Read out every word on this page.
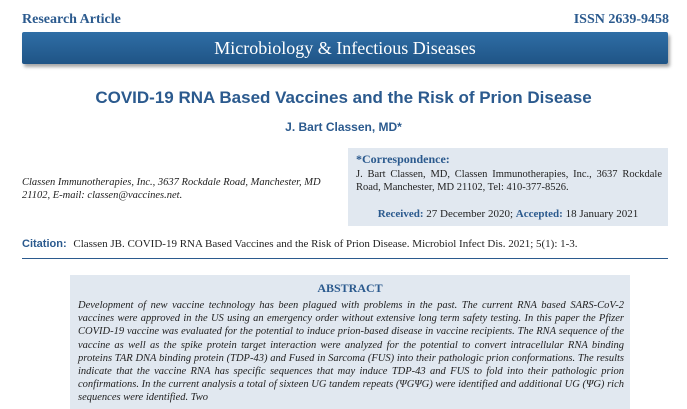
Research Article	ISSN 2639-9458
Microbiology & Infectious Diseases
COVID-19 RNA Based Vaccines and the Risk of Prion Disease
J. Bart Classen, MD*
Classen Immunotherapies, Inc., 3637 Rockdale Road, Manchester, MD 21102, E-mail: classen@vaccines.net.
*Correspondence:
J. Bart Classen, MD, Classen Immunotherapies, Inc., 3637 Rockdale Road, Manchester, MD 21102, Tel: 410-377-8526.
Received: 27 December 2020; Accepted: 18 January 2021
Citation: Classen JB. COVID-19 RNA Based Vaccines and the Risk of Prion Disease. Microbiol Infect Dis. 2021; 5(1): 1-3.
ABSTRACT
Development of new vaccine technology has been plagued with problems in the past. The current RNA based SARS-CoV-2 vaccines were approved in the US using an emergency order without extensive long term safety testing. In this paper the Pfizer COVID-19 vaccine was evaluated for the potential to induce prion-based disease in vaccine recipients. The RNA sequence of the vaccine as well as the spike protein target interaction were analyzed for the potential to convert intracellular RNA binding proteins TAR DNA binding protein (TDP-43) and Fused in Sarcoma (FUS) into their pathologic prion conformations. The results indicate that the vaccine RNA has specific sequences that may induce TDP-43 and FUS to fold into their pathologic prion confirmations. In the current analysis a total of sixteen UG tandem repeats (ΨGΨG) were identified and additional UG (ΨG) rich sequences were identified. Two
